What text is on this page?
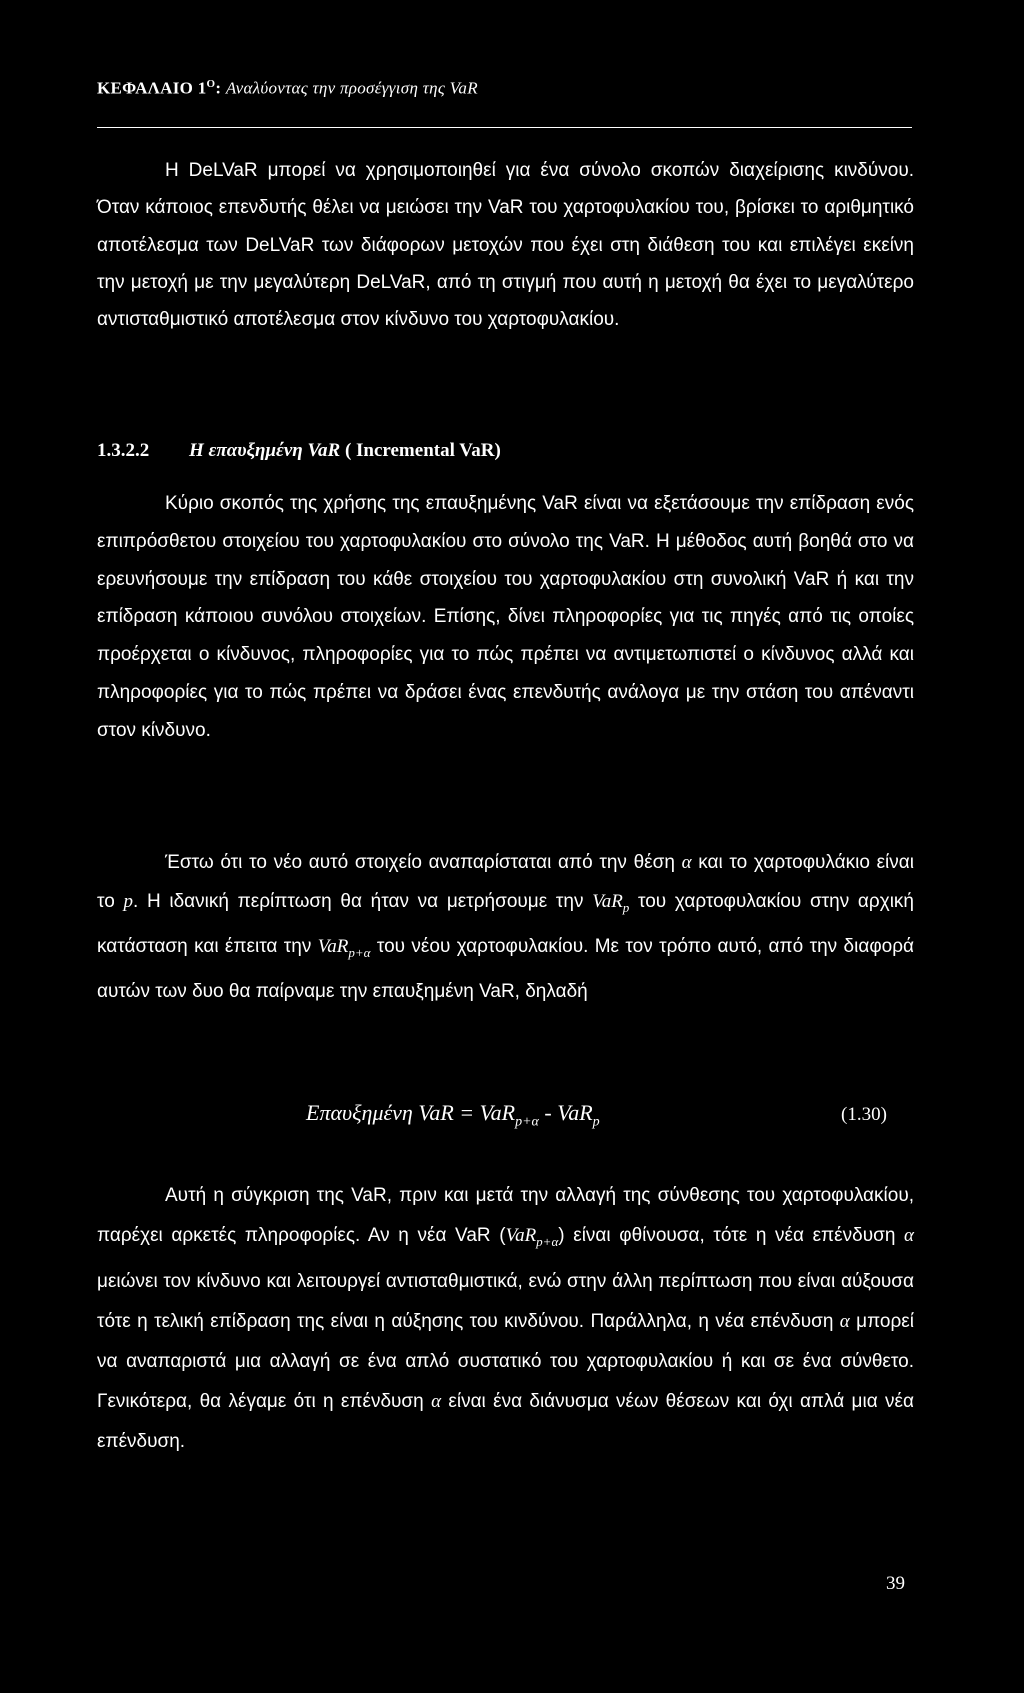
ΚΕΦΑΛΑΙΟ $1^O$: Αναλύοντας την προσέγγιση της VaR

Η DeLVaR μπορεί να χρησιμοποιηθεί για ένα σύνολο σκοπών διαχείρισης κινδύνου. Όταν κάποιος επενδυτής θέλει να μειώσει την VaR του χαρτοφυλακίου του, βρίσκει το αριθμητικό αποτέλεσμα των DeLVaR των διάφορων μετοχών που έχει στη διάθεση του και επιλέγει εκείνη την μετοχή με την μεγαλύτερη DeLVaR, από τη στιγμή που αυτή η μετοχή θα έχει το μεγαλύτερο αντισταθμιστικό αποτέλεσμα στον κίνδυνο του χαρτοφυλακίου.

1.3.2.2 Η επαυξημένη VaR ( Incremental VaR)

Κύριο σκοπός της χρήσης της επαυξημένης VaR είναι να εξετάσουμε την επίδραση ενός επιπρόσθετου στοιχείου του χαρτοφυλακίου στο σύνολο της VaR. Η μέθοδος αυτή βοηθά στο να ερευνήσουμε την επίδραση του κάθε στοιχείου του χαρτοφυλακίου στη συνολική VaR ή και την επίδραση κάποιου συνόλου στοιχείων. Επίσης, δίνει πληροφορίες για τις πηγές από τις οποίες προέρχεται ο κίνδυνος, πληροφορίες για το πώς πρέπει να αντιμετωπιστεί ο κίνδυνος αλλά και πληροφορίες για το πώς πρέπει να δράσει ένας επενδυτής ανάλογα με την στάση του απέναντι στον κίνδυνο.

Έστω ότι το νέο αυτό στοιχείο αναπαρίσταται από την θέση α και το χαρτοφυλάκιο είναι το p. Η ιδανική περίπτωση θα ήταν να μετρήσουμε την VaR$_p$ του χαρτοφυλακίου στην αρχική κατάσταση και έπειτα την VaR$_{p+\alpha}$ του νέου χαρτοφυλακίου. Με τον τρόπο αυτό, από την διαφορά αυτών των δυο θα παίρναμε την επαυξημένη VaR, δηλαδή

Επαυξημένη VaR = VaR$_{p+\alpha}$ - VaR$_p$	(1.30)

Αυτή η σύγκριση της VaR, πριν και μετά την αλλαγή της σύνθεσης του χαρτοφυλακίου, παρέχει αρκετές πληροφορίες. Αν η νέα VaR (VaR$_{p+\alpha}$) είναι φθίνουσα, τότε η νέα επένδυση α μειώνει τον κίνδυνο και λειτουργεί αντισταθμιστικά, ενώ στην άλλη περίπτωση που είναι αύξουσα τότε η τελική επίδραση της είναι η αύξησης του κινδύνου. Παράλληλα, η νέα επένδυση α μπορεί να αναπαριστά μια αλλαγή σε ένα απλό συστατικό του χαρτοφυλακίου ή και σε ένα σύνθετο. Γενικότερα, θα λέγαμε ότι η επένδυση α είναι ένα διάνυσμα νέων θέσεων και όχι απλά μια νέα επένδυση.

39
